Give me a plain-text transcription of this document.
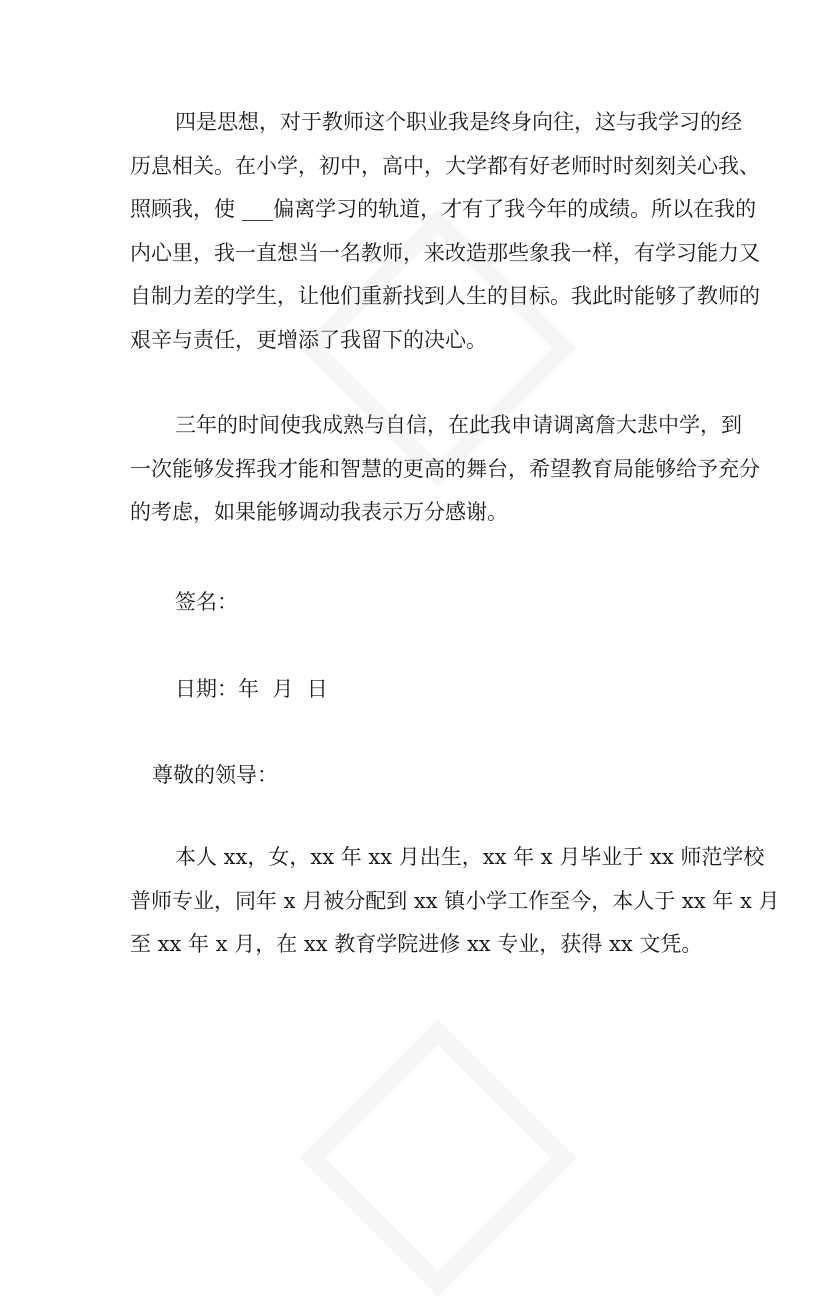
四是思想，对于教师这个职业我是终身向往，这与我学习的经
历息相关。在小学，初中，高中，大学都有好老师时时刻刻关心我、
照顾我，使 ___偏离学习的轨道，才有了我今年的成绩。所以在我的
内心里，我一直想当一名教师，来改造那些象我一样，有学习能力又
自制力差的学生，让他们重新找到人生的目标。我此时能够了教师的
艰辛与责任，更增添了我留下的决心。
三年的时间使我成熟与自信，在此我申请调离詹大悲中学，到
一次能够发挥我才能和智慧的更高的舞台，希望教育局能够给予充分
的考虑，如果能够调动我表示万分感谢。
签名：
日期：年  月  日
尊敬的领导：
本人 xx，女，xx 年 xx 月出生，xx 年 x 月毕业于 xx 师范学校
普师专业，同年 x 月被分配到 xx 镇小学工作至今，本人于 xx 年 x 月
至 xx 年 x 月，在 xx 教育学院进修 xx 专业，获得 xx 文凭。
